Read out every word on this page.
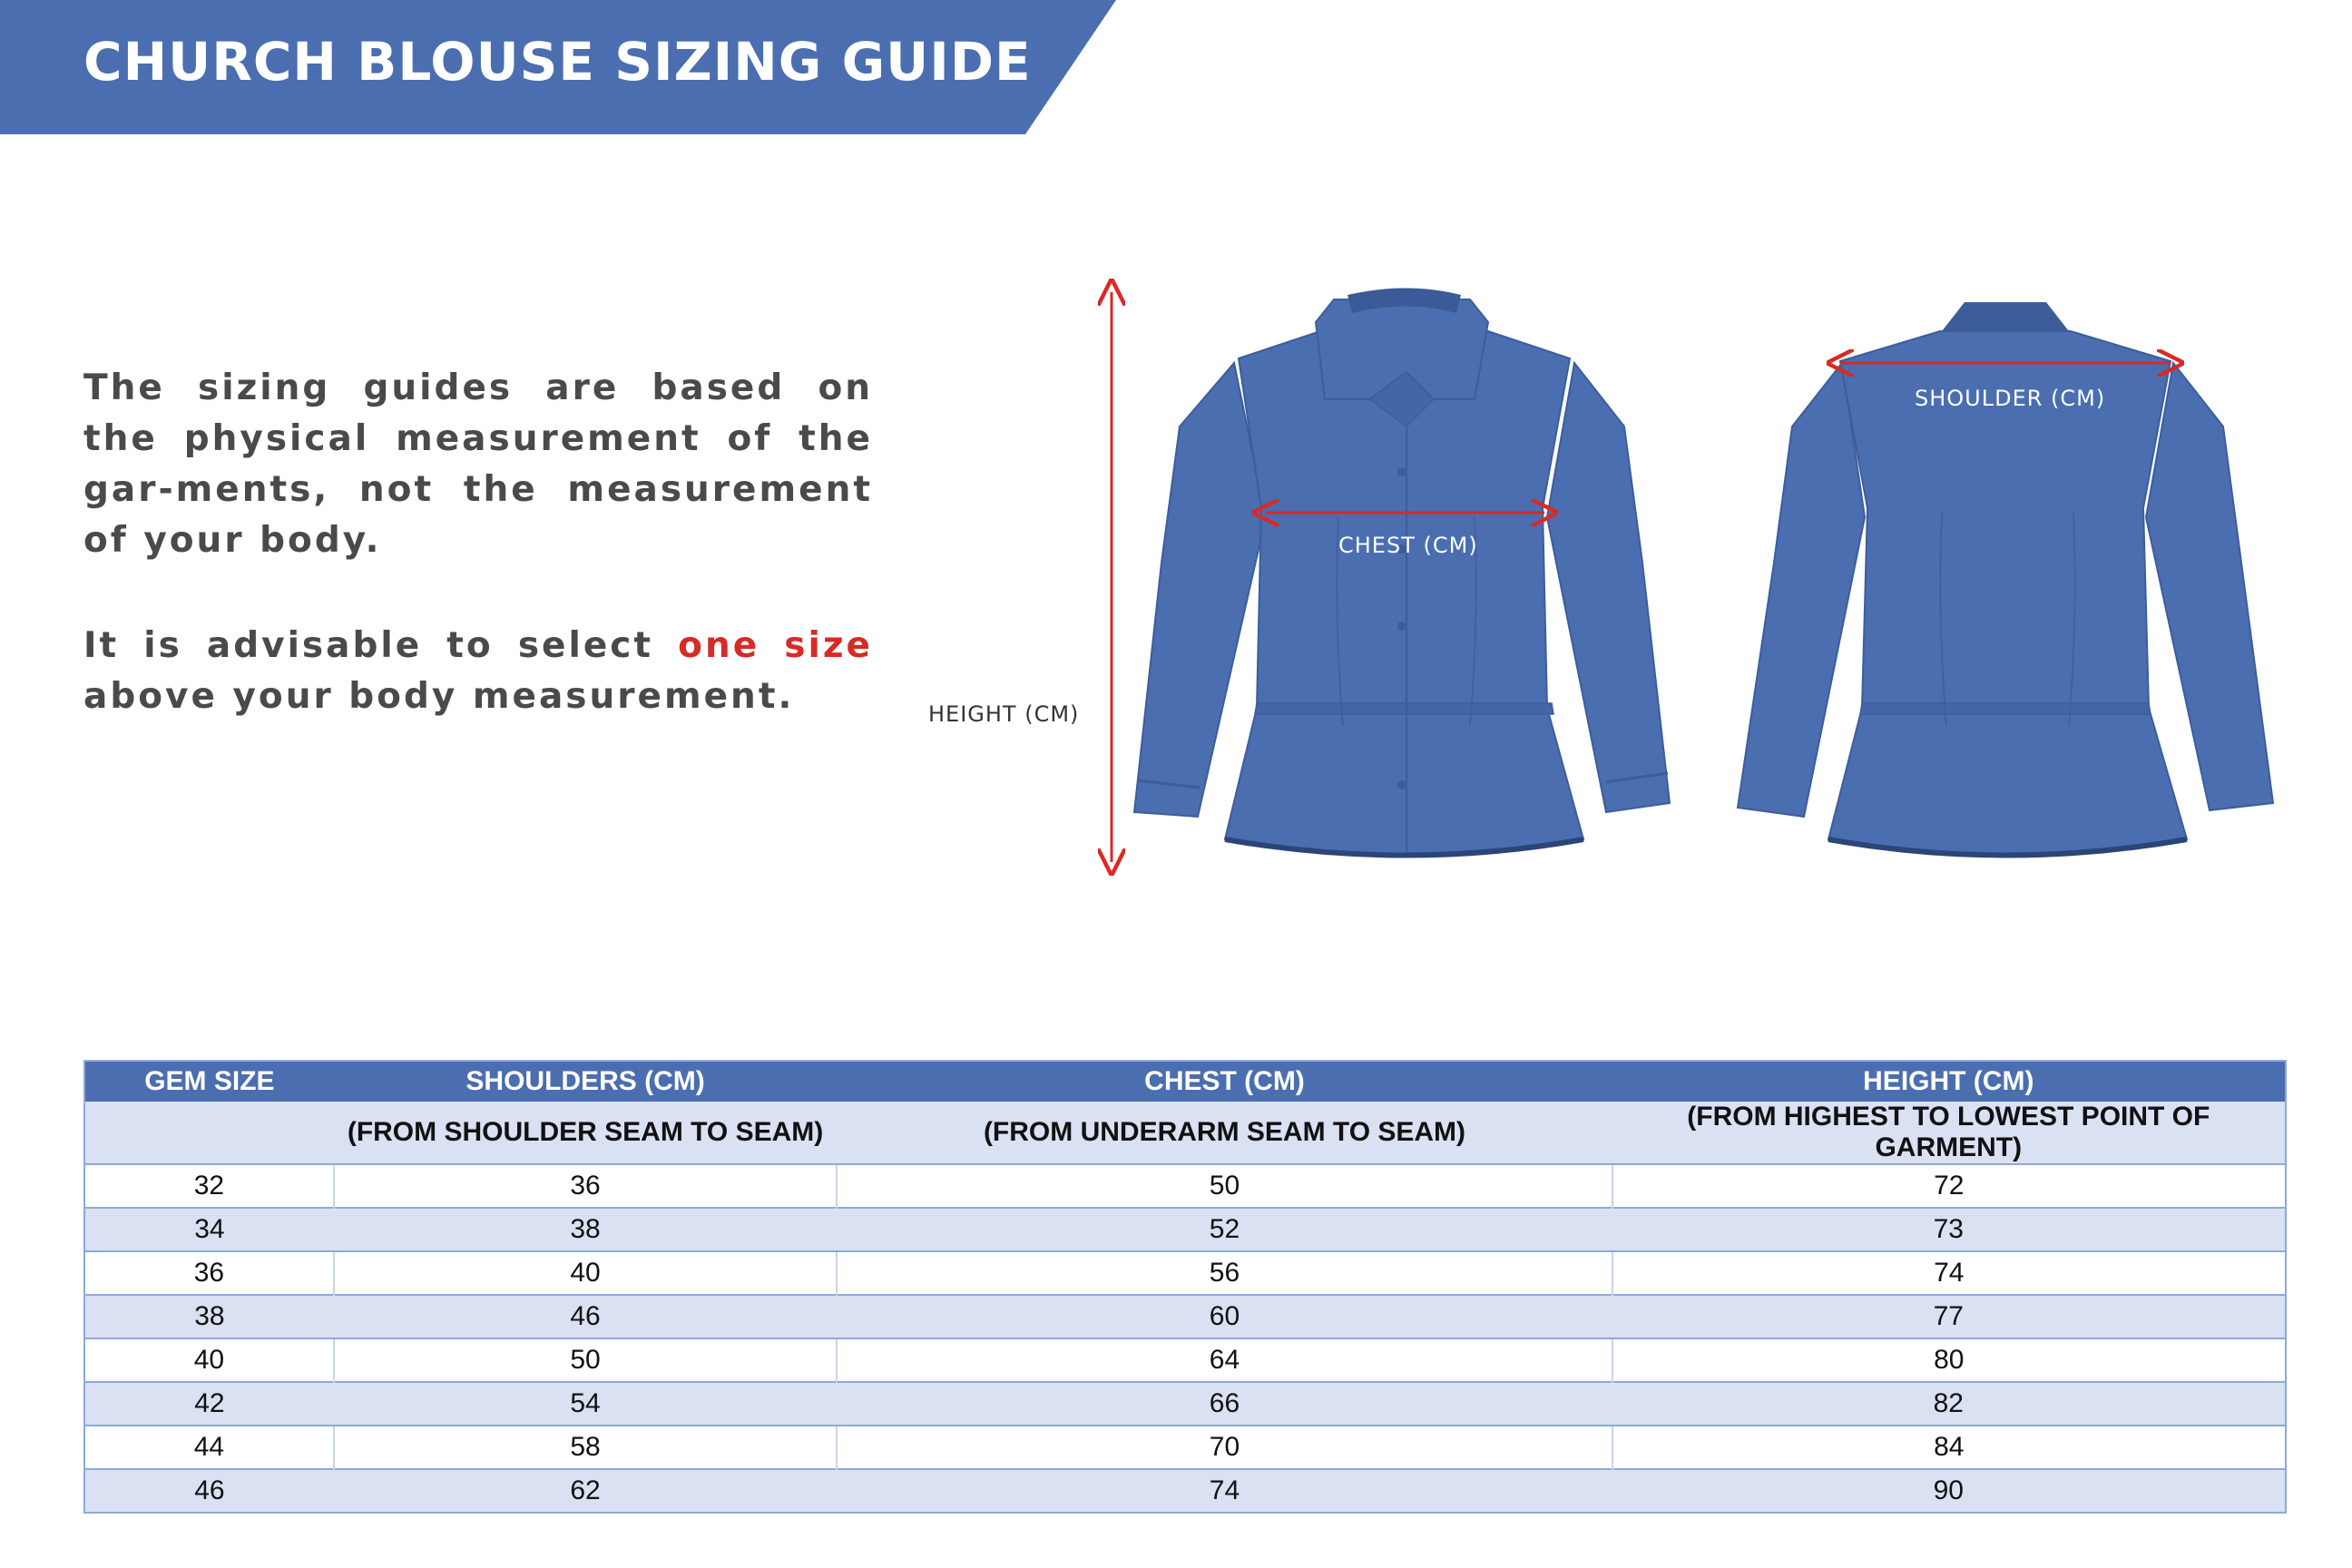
CHURCH BLOUSE SIZING GUIDE

The sizing guides are based on the physical measurement of the gar-ments, not the measurement of your body.

It is advisable to select one size above your body measurement.	HEIGHT (CM)
CHEST (CM)
SHOULDER (CM)
GEM SIZE	SHOULDERS (CM)	CHEST (CM)	HEIGHT (CM)
	(FROM SHOULDER SEAM TO SEAM)	(FROM UNDERARM SEAM TO SEAM)	(FROM HIGHEST TO LOWEST POINT OF GARMENT)
32	36	50	72
34	38	52	73
36	40	56	74
38	46	60	77
40	50	64	80
42	54	66	82
44	58	70	84
46	62	74	90
